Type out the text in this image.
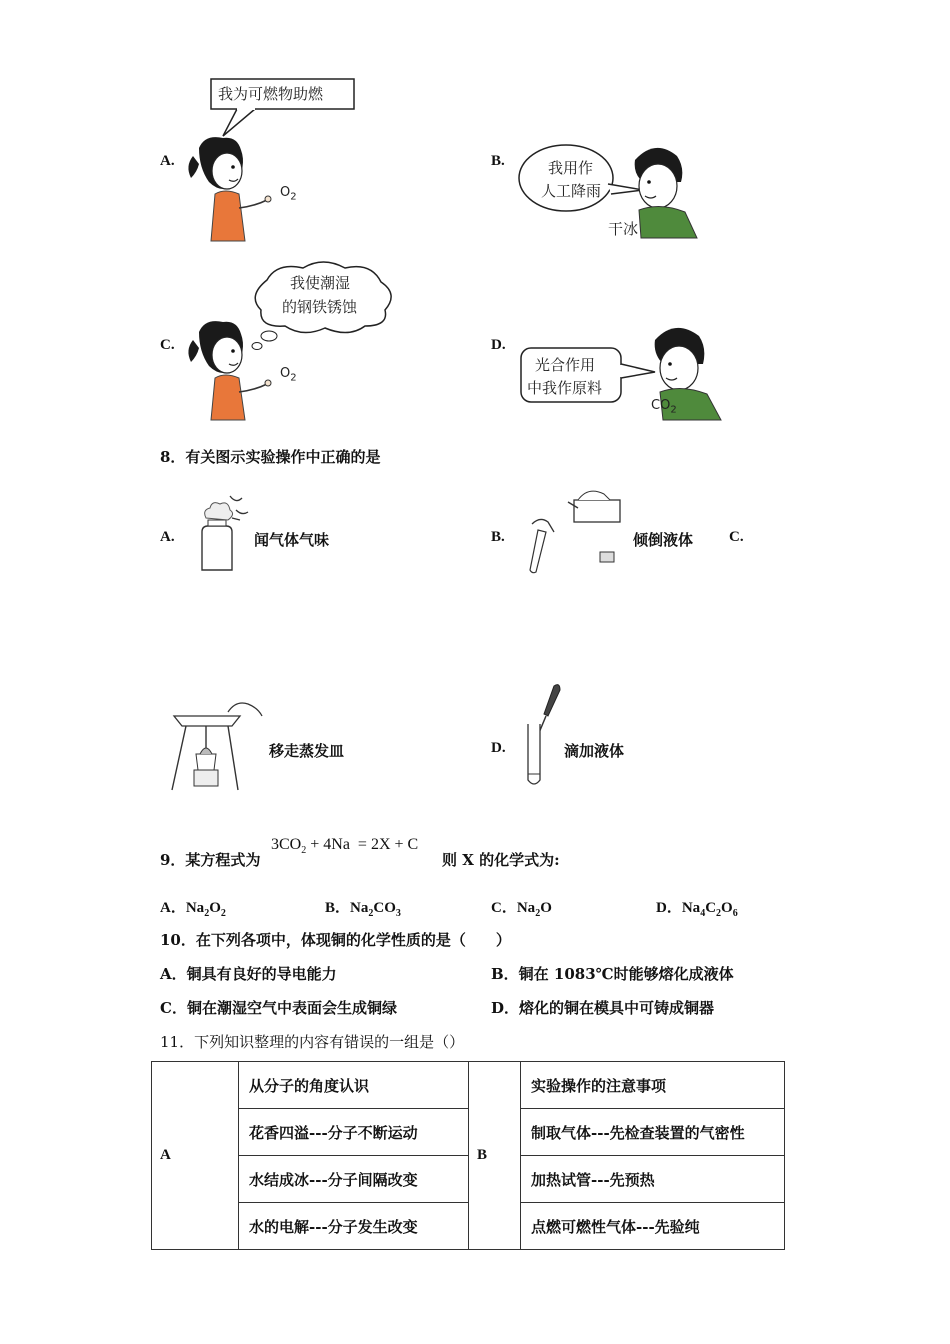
A.
我为可燃物助燃
$O_2$
B.	我用作
人工降雨
干冰
C.
我使潮湿
的钢铁锈蚀
$O_2$
D.
光合作用
中我作原料
$CO_2$
8．有关图示实验操作中正确的是
A.	闻气体气味	B.	倾倒液体 C.
移走蒸发皿	D.	滴加液体
9．某方程式为
$3CO_2 + 4Na = 2X + C$
则 X 的化学式为:
A．$Na_2O_2$	B．$Na_2CO_3$	C．$Na_2O$	D．$Na_4C_2O_6$
10．在下列各项中，体现铜的化学性质的是（　　）
A．铜具有良好的导电能力	B．铜在 1083℃时能够熔化成液体
C．铜在潮湿空气中表面会生成铜绿	D．熔化的铜在模具中可铸成铜器
11．下列知识整理的内容有错误的一组是（）
A	从分子的角度认识	B	实验操作的注意事项
	花香四溢---分子不断运动		制取气体---先检查装置的气密性
	水结成冰---分子间隔改变		加热试管---先预热
	水的电解---分子发生改变		点燃可燃性气体---先验纯
